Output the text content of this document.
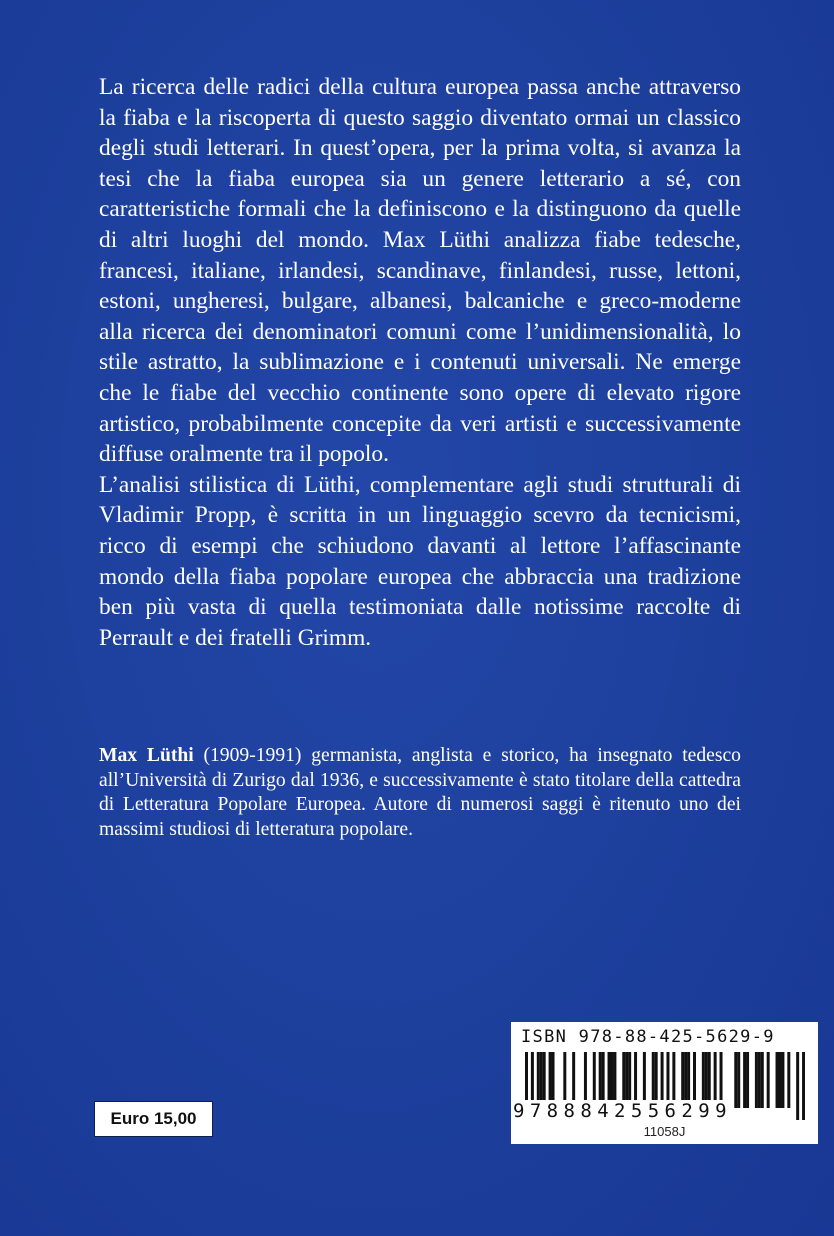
La ricerca delle radici della cultura europea passa anche attraverso la fiaba e la riscoperta di questo saggio diventato ormai un classico degli studi letterari. In quest’opera, per la prima volta, si avanza la tesi che la fiaba europea sia un genere letterario a sé, con caratteristiche formali che la definiscono e la distinguono da quelle di altri luoghi del mondo. Max Lüthi analizza fiabe tedesche, francesi, italiane, irlandesi, scandinave, finlandesi, russe, lettoni, estoni, ungheresi, bulgare, albanesi, balcaniche e greco-moderne alla ricerca dei denominatori comuni come l’unidimensionalità, lo stile astratto, la sublimazione e i contenuti universali. Ne emerge che le fiabe del vecchio continente sono opere di elevato rigore artistico, probabilmente concepite da veri artisti e successivamente diffuse oralmente tra il popolo.

L’analisi stilistica di Lüthi, complementare agli studi strutturali di Vladimir Propp, è scritta in un linguaggio scevro da tecnicismi, ricco di esempi che schiudono davanti al lettore l’affascinante mondo della fiaba popolare europea che abbraccia una tradizione ben più vasta di quella testimoniata dalle notissime raccolte di Perrault e dei fratelli Grimm.

Max Lüthi (1909-1991) germanista, anglista e storico, ha insegnato tedesco all’Università di Zurigo dal 1936, e successivamente è stato titolare della cattedra di Letteratura Popolare Europea. Autore di numerosi saggi è ritenuto uno dei massimi studiosi di letteratura popolare.

ISBN 978-88-425-5629-9
9788842556299
11058J
Euro 15,00
